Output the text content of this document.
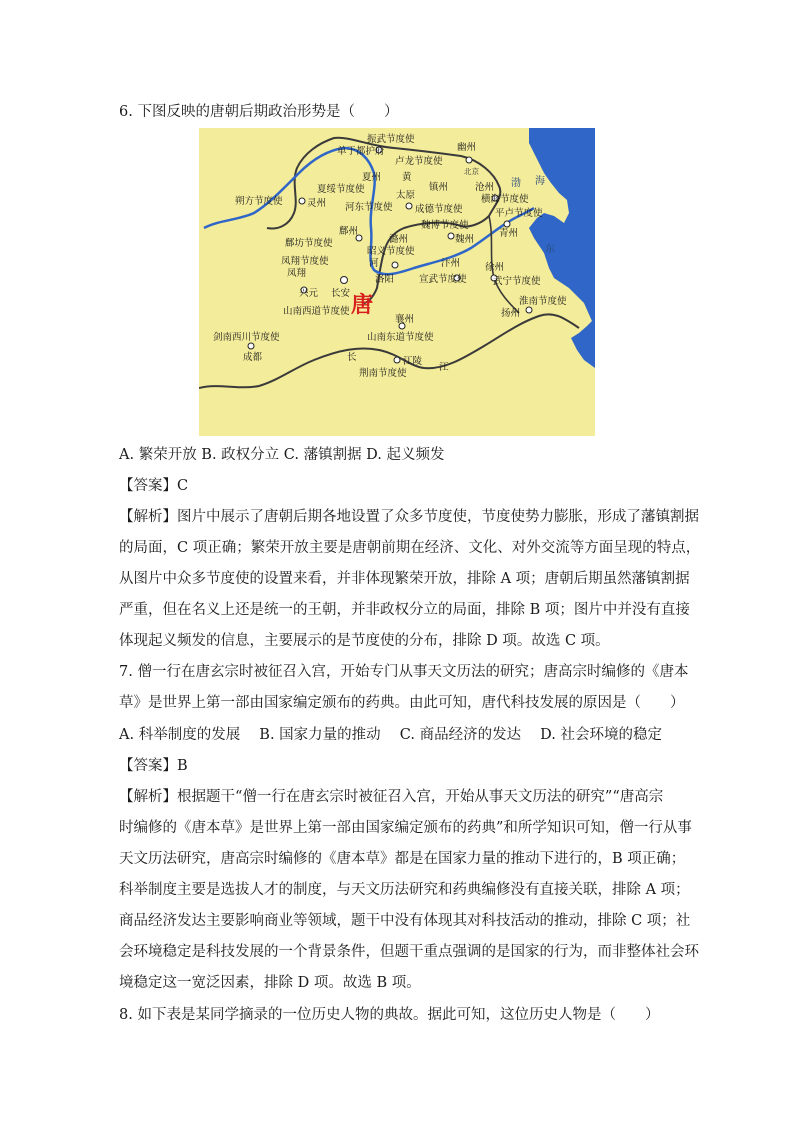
6. 下图反映的唐朝后期政治形势是（　　）
振武节度使
单于都护府
卢龙节度使
幽州
北京
夏州 黄
夏绥节度使
太原
镇州	沧州 渤 海
朔方节度使	灵州 河东节度使 成德节度使
横海节度使
鄜州
魏博节度使
平卢节度使
鄜坊节度使	潞州	魏州
青州
东
凤翔节度使
昭义节度使
河	汴州	徐州
凤翔
洛阳	宣武节度使	武宁节度使
兴元 长安
山南西道节度使
襄州
淮南节度使
扬州
剑南西川节度使	山南东道节度使
成都	长	江陵
荆南节度使
江
唐
A. 繁荣开放 B. 政权分立 C. 藩镇割据 D. 起义频发
【答案】C
【解析】图片中展示了唐朝后期各地设置了众多节度使，节度使势力膨胀，形成了藩镇割据
的局面，C 项正确；繁荣开放主要是唐朝前期在经济、文化、对外交流等方面呈现的特点，
从图片中众多节度使的设置来看，并非体现繁荣开放，排除 A 项；唐朝后期虽然藩镇割据
严重，但在名义上还是统一的王朝，并非政权分立的局面，排除 B 项；图片中并没有直接
体现起义频发的信息，主要展示的是节度使的分布，排除 D 项。故选 C 项。
7. 僧一行在唐玄宗时被征召入宫，开始专门从事天文历法的研究；唐高宗时编修的《唐本
草》是世界上第一部由国家编定颁布的药典。由此可知，唐代科技发展的原因是（　　）
A. 科举制度的发展　 B. 国家力量的推动　 C. 商品经济的发达　 D. 社会环境的稳定
【答案】B
【解析】根据题干“僧一行在唐玄宗时被征召入宫，开始从事天文历法的研究”“唐高宗
时编修的《唐本草》是世界上第一部由国家编定颁布的药典”和所学知识可知，僧一行从事
天文历法研究，唐高宗时编修的《唐本草》都是在国家力量的推动下进行的，B 项正确；
科举制度主要是选拔人才的制度，与天文历法研究和药典编修没有直接关联，排除 A 项；
商品经济发达主要影响商业等领域，题干中没有体现其对科技活动的推动，排除 C 项；社
会环境稳定是科技发展的一个背景条件，但题干重点强调的是国家的行为，而非整体社会环
境稳定这一宽泛因素，排除 D 项。故选 B 项。
8. 如下表是某同学摘录的一位历史人物的典故。据此可知，这位历史人物是（　　）
